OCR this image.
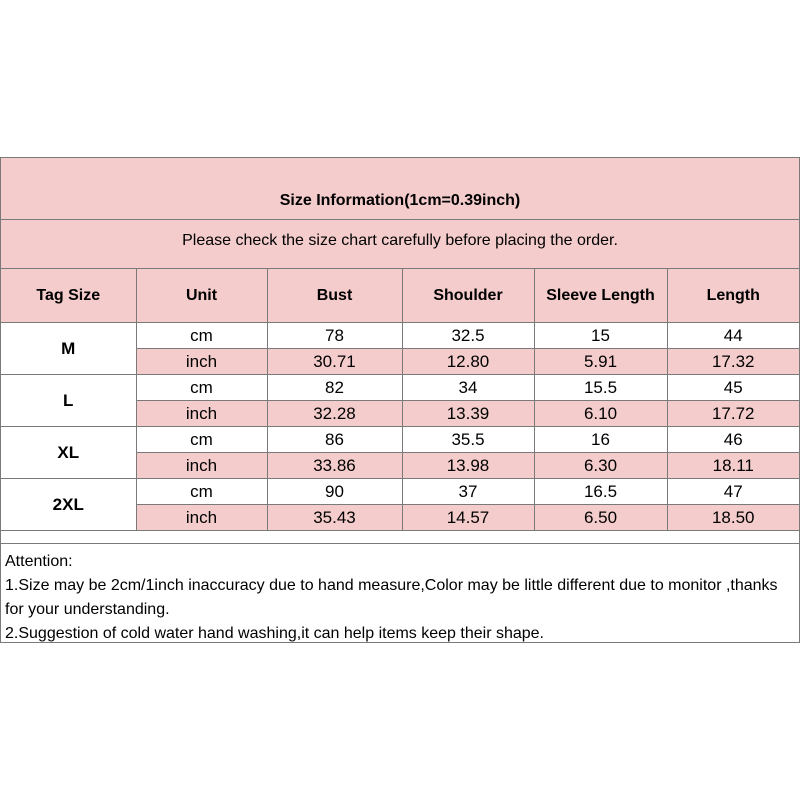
Size Information(1cm=0.39inch)
Please check the size chart carefully before placing the order.
Tag Size	Unit	Bust	Shoulder	Sleeve Length	Length
M	cm	78	32.5	15	44
	inch	30.71	12.80	5.91	17.32
L	cm	82	34	15.5	45
	inch	32.28	13.39	6.10	17.72
XL	cm	86	35.5	16	46
	inch	33.86	13.98	6.30	18.11
2XL	cm	90	37	16.5	47
	inch	35.43	14.57	6.50	18.50
Attention:
1.Size may be 2cm/1inch inaccuracy due to hand measure,Color may be little different due to monitor ,thanks for your understanding.
2.Suggestion of cold water hand washing,it can help items keep their shape.
